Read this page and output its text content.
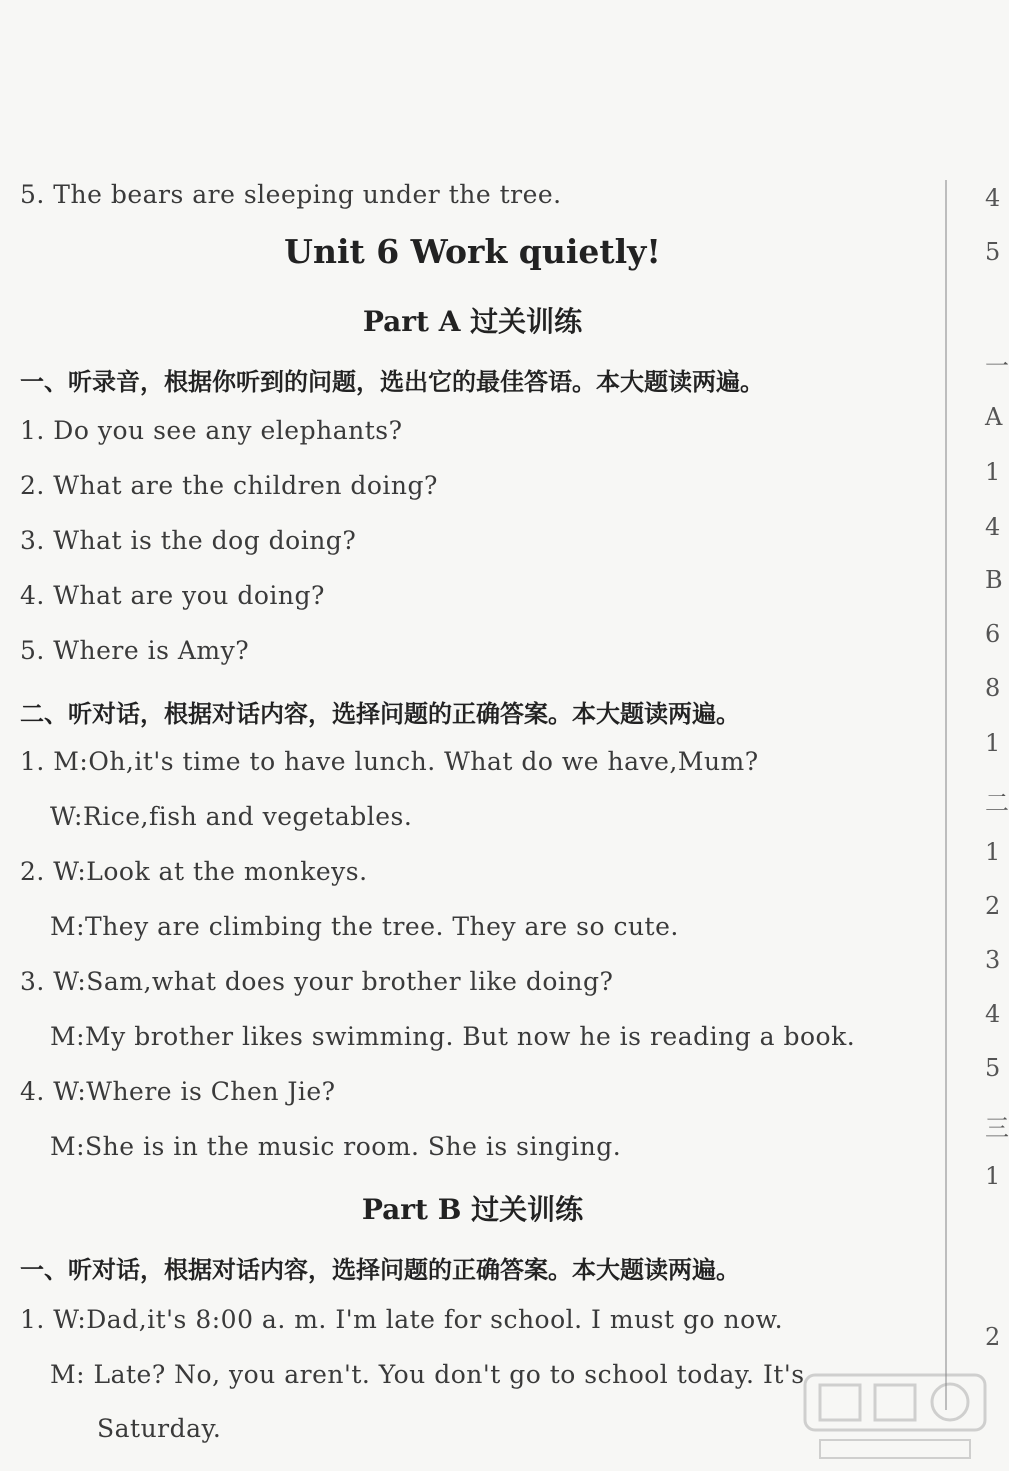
5. The bears are sleeping under the tree.
Unit 6 Work quietly!
Part A 过关训练
一、听录音，根据你听到的问题，选出它的最佳答语。本大题读两遍。
1. Do you see any elephants?
2. What are the children doing?
3. What is the dog doing?
4. What are you doing?
5. Where is Amy?
二、听对话，根据对话内容，选择问题的正确答案。本大题读两遍。
1. M:Oh,it's time to have lunch. What do we have,Mum?
W:Rice,fish and vegetables.
2. W:Look at the monkeys.
M:They are climbing the tree. They are so cute.
3. W:Sam,what does your brother like doing?
M:My brother likes swimming. But now he is reading a book.
4. W:Where is Chen Jie?
M:She is in the music room. She is singing.
Part B 过关训练
一、听对话，根据对话内容，选择问题的正确答案。本大题读两遍。
1. W:Dad,it's 8:00 a. m. I'm late for school. I must go now.
M: Late? No, you aren't. You don't go to school today. It's
Saturday.
4
5
一
A
1
4
B
6
8
1
二
1
2
3
4
5
三
1
2
